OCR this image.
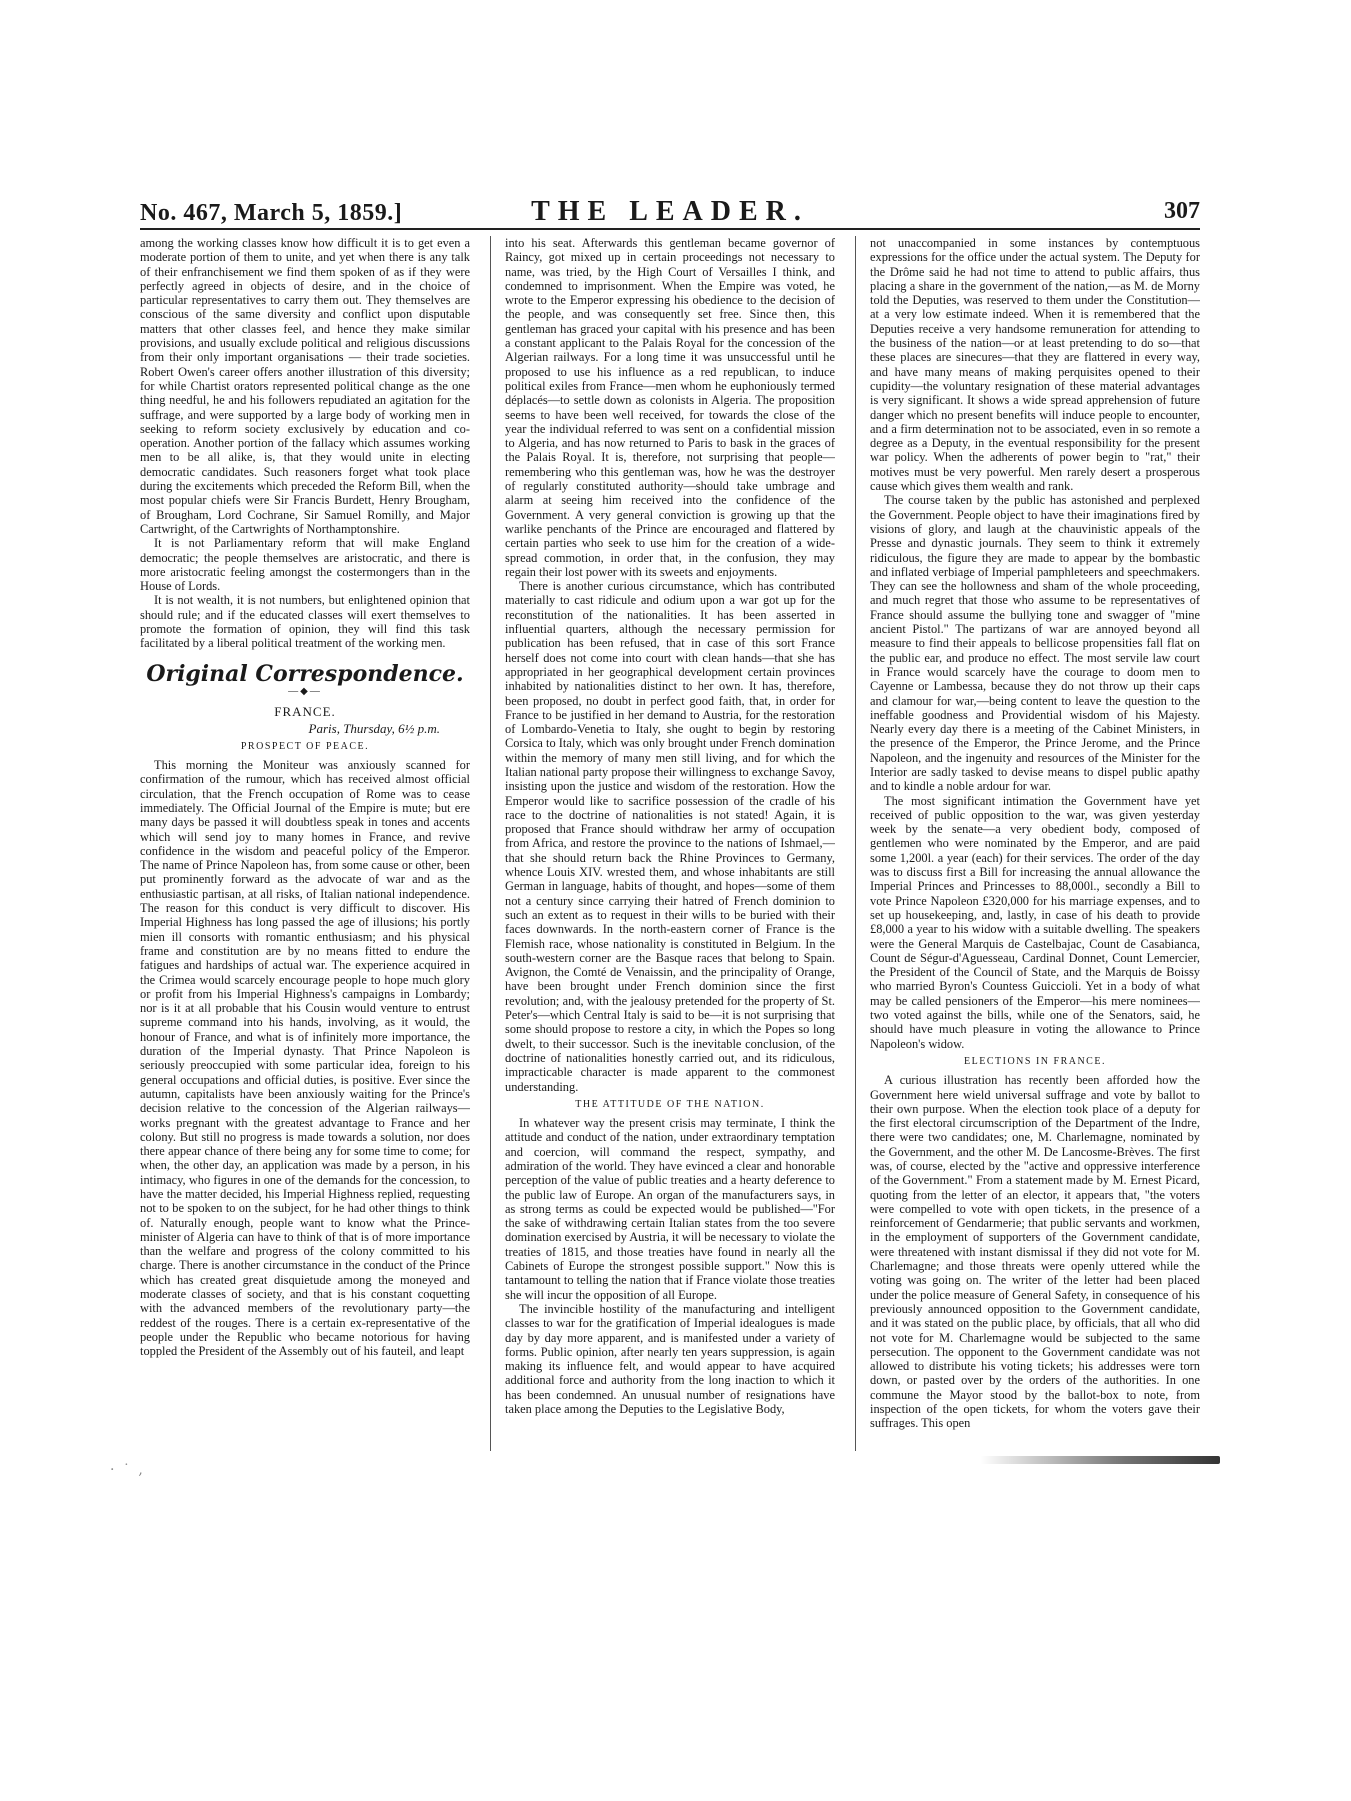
No. 467, March 5, 1859.]	THE LEADER.	307

among the working classes know how difficult it is to get even a moderate portion of them to unite, and yet when there is any talk of their enfranchisement we find them spoken of as if they were perfectly agreed in objects of desire, and in the choice of particular representatives to carry them out. They themselves are conscious of the same diversity and conflict upon disputable matters that other classes feel, and hence they make similar provisions, and usually exclude political and religious discussions from their only important organisations — their trade societies. Robert Owen's career offers another illustration of this diversity; for while Chartist orators represented political change as the one thing needful, he and his followers repudiated an agitation for the suffrage, and were supported by a large body of working men in seeking to reform society exclusively by education and co-operation. Another portion of the fallacy which assumes working men to be all alike, is, that they would unite in electing democratic candidates. Such reasoners forget what took place during the excitements which preceded the Reform Bill, when the most popular chiefs were Sir Francis Burdett, Henry Brougham, of Brougham, Lord Cochrane, Sir Samuel Romilly, and Major Cartwright, of the Cartwrights of Northamptonshire.

It is not Parliamentary reform that will make England democratic; the people themselves are aristocratic, and there is more aristocratic feeling amongst the costermongers than in the House of Lords.

It is not wealth, it is not numbers, but enlightened opinion that should rule; and if the educated classes will exert themselves to promote the formation of opinion, they will find this task facilitated by a liberal political treatment of the working men.

Original Correspondence.
—◆—
FRANCE.
Paris, Thursday, 6½ p.m.
PROSPECT OF PEACE.

This morning the Moniteur was anxiously scanned for confirmation of the rumour, which has received almost official circulation, that the French occupation of Rome was to cease immediately. The Official Journal of the Empire is mute; but ere many days be passed it will doubtless speak in tones and accents which will send joy to many homes in France, and revive confidence in the wisdom and peaceful policy of the Emperor. The name of Prince Napoleon has, from some cause or other, been put prominently forward as the advocate of war and as the enthusiastic partisan, at all risks, of Italian national independence. The reason for this conduct is very difficult to discover. His Imperial Highness has long passed the age of illusions; his portly mien ill consorts with romantic enthusiasm; and his physical frame and constitution are by no means fitted to endure the fatigues and hardships of actual war. The experience acquired in the Crimea would scarcely encourage people to hope much glory or profit from his Imperial Highness's campaigns in Lombardy; nor is it at all probable that his Cousin would venture to entrust supreme command into his hands, involving, as it would, the honour of France, and what is of infinitely more importance, the duration of the Imperial dynasty. That Prince Napoleon is seriously preoccupied with some particular idea, foreign to his general occupations and official duties, is positive. Ever since the autumn, capitalists have been anxiously waiting for the Prince's decision relative to the concession of the Algerian railways—works pregnant with the greatest advantage to France and her colony. But still no progress is made towards a solution, nor does there appear chance of there being any for some time to come; for when, the other day, an application was made by a person, in his intimacy, who figures in one of the demands for the concession, to have the matter decided, his Imperial Highness replied, requesting not to be spoken to on the subject, for he had other things to think of. Naturally enough, people want to know what the Prince-minister of Algeria can have to think of that is of more importance than the welfare and progress of the colony committed to his charge. There is another circumstance in the conduct of the Prince which has created great disquietude among the moneyed and moderate classes of society, and that is his constant coquetting with the advanced members of the revolutionary party—the reddest of the rouges. There is a certain ex-representative of the people under the Republic who became notorious for having toppled the President of the Assembly out of his fauteil, and leapt

into his seat. Afterwards this gentleman became governor of Raincy, got mixed up in certain proceedings not necessary to name, was tried, by the High Court of Versailles I think, and condemned to imprisonment. When the Empire was voted, he wrote to the Emperor expressing his obedience to the decision of the people, and was consequently set free. Since then, this gentleman has graced your capital with his presence and has been a constant applicant to the Palais Royal for the concession of the Algerian railways. For a long time it was unsuccessful until he proposed to use his influence as a red republican, to induce political exiles from France—men whom he euphoniously termed déplacés—to settle down as colonists in Algeria. The proposition seems to have been well received, for towards the close of the year the individual referred to was sent on a confidential mission to Algeria, and has now returned to Paris to bask in the graces of the Palais Royal. It is, therefore, not surprising that people—remembering who this gentleman was, how he was the destroyer of regularly constituted authority—should take umbrage and alarm at seeing him received into the confidence of the Government. A very general conviction is growing up that the warlike penchants of the Prince are encouraged and flattered by certain parties who seek to use him for the creation of a wide-spread commotion, in order that, in the confusion, they may regain their lost power with its sweets and enjoyments.

There is another curious circumstance, which has contributed materially to cast ridicule and odium upon a war got up for the reconstitution of the nationalities. It has been asserted in influential quarters, although the necessary permission for publication has been refused, that in case of this sort France herself does not come into court with clean hands—that she has appropriated in her geographical development certain provinces inhabited by nationalities distinct to her own. It has, therefore, been proposed, no doubt in perfect good faith, that, in order for France to be justified in her demand to Austria, for the restoration of Lombardo-Venetia to Italy, she ought to begin by restoring Corsica to Italy, which was only brought under French domination within the memory of many men still living, and for which the Italian national party propose their willingness to exchange Savoy, insisting upon the justice and wisdom of the restoration. How the Emperor would like to sacrifice possession of the cradle of his race to the doctrine of nationalities is not stated! Again, it is proposed that France should withdraw her army of occupation from Africa, and restore the province to the nations of Ishmael,—that she should return back the Rhine Provinces to Germany, whence Louis XIV. wrested them, and whose inhabitants are still German in language, habits of thought, and hopes—some of them not a century since carrying their hatred of French dominion to such an extent as to request in their wills to be buried with their faces downwards. In the north-eastern corner of France is the Flemish race, whose nationality is constituted in Belgium. In the south-western corner are the Basque races that belong to Spain. Avignon, the Comté de Venaissin, and the principality of Orange, have been brought under French dominion since the first revolution; and, with the jealousy pretended for the property of St. Peter's—which Central Italy is said to be—it is not surprising that some should propose to restore a city, in which the Popes so long dwelt, to their successor. Such is the inevitable conclusion, of the doctrine of nationalities honestly carried out, and its ridiculous, impracticable character is made apparent to the commonest understanding.

THE ATTITUDE OF THE NATION.

In whatever way the present crisis may terminate, I think the attitude and conduct of the nation, under extraordinary temptation and coercion, will command the respect, sympathy, and admiration of the world. They have evinced a clear and honorable perception of the value of public treaties and a hearty deference to the public law of Europe. An organ of the manufacturers says, in as strong terms as could be expected would be published—"For the sake of withdrawing certain Italian states from the too severe domination exercised by Austria, it will be necessary to violate the treaties of 1815, and those treaties have found in nearly all the Cabinets of Europe the strongest possible support." Now this is tantamount to telling the nation that if France violate those treaties she will incur the opposition of all Europe.

The invincible hostility of the manufacturing and intelligent classes to war for the gratification of Imperial idealogues is made day by day more apparent, and is manifested under a variety of forms. Public opinion, after nearly ten years suppression, is again making its influence felt, and would appear to have acquired additional force and authority from the long inaction to which it has been condemned. An unusual number of resignations have taken place among the Deputies to the Legislative Body,

not unaccompanied in some instances by contemptuous expressions for the office under the actual system. The Deputy for the Drôme said he had not time to attend to public affairs, thus placing a share in the government of the nation,—as M. de Morny told the Deputies, was reserved to them under the Constitution—at a very low estimate indeed. When it is remembered that the Deputies receive a very handsome remuneration for attending to the business of the nation—or at least pretending to do so—that these places are sinecures—that they are flattered in every way, and have many means of making perquisites opened to their cupidity—the voluntary resignation of these material advantages is very significant. It shows a wide spread apprehension of future danger which no present benefits will induce people to encounter, and a firm determination not to be associated, even in so remote a degree as a Deputy, in the eventual responsibility for the present war policy. When the adherents of power begin to "rat," their motives must be very powerful. Men rarely desert a prosperous cause which gives them wealth and rank.

The course taken by the public has astonished and perplexed the Government. People object to have their imaginations fired by visions of glory, and laugh at the chauvinistic appeals of the Presse and dynastic journals. They seem to think it extremely ridiculous, the figure they are made to appear by the bombastic and inflated verbiage of Imperial pamphleteers and speechmakers. They can see the hollowness and sham of the whole proceeding, and much regret that those who assume to be representatives of France should assume the bullying tone and swagger of "mine ancient Pistol." The partizans of war are annoyed beyond all measure to find their appeals to bellicose propensities fall flat on the public ear, and produce no effect. The most servile law court in France would scarcely have the courage to doom men to Cayenne or Lambessa, because they do not throw up their caps and clamour for war,—being content to leave the question to the ineffable goodness and Providential wisdom of his Majesty. Nearly every day there is a meeting of the Cabinet Ministers, in the presence of the Emperor, the Prince Jerome, and the Prince Napoleon, and the ingenuity and resources of the Minister for the Interior are sadly tasked to devise means to dispel public apathy and to kindle a noble ardour for war.

The most significant intimation the Government have yet received of public opposition to the war, was given yesterday week by the senate—a very obedient body, composed of gentlemen who were nominated by the Emperor, and are paid some 1,200l. a year (each) for their services. The order of the day was to discuss first a Bill for increasing the annual allowance the Imperial Princes and Princesses to 88,000l., secondly a Bill to vote Prince Napoleon £320,000 for his marriage expenses, and to set up housekeeping, and, lastly, in case of his death to provide £8,000 a year to his widow with a suitable dwelling. The speakers were the General Marquis de Castelbajac, Count de Casabianca, Count de Ségur-d'Aguesseau, Cardinal Donnet, Count Lemercier, the President of the Council of State, and the Marquis de Boissy who married Byron's Countess Guiccioli. Yet in a body of what may be called pensioners of the Emperor—his mere nominees—two voted against the bills, while one of the Senators, said, he should have much pleasure in voting the allowance to Prince Napoleon's widow.

ELECTIONS IN FRANCE.

A curious illustration has recently been afforded how the Government here wield universal suffrage and vote by ballot to their own purpose. When the election took place of a deputy for the first electoral circumscription of the Department of the Indre, there were two candidates; one, M. Charlemagne, nominated by the Government, and the other M. De Lancosme-Brèves. The first was, of course, elected by the "active and oppressive interference of the Government." From a statement made by M. Ernest Picard, quoting from the letter of an elector, it appears that, "the voters were compelled to vote with open tickets, in the presence of a reinforcement of Gendarmerie; that public servants and workmen, in the employment of supporters of the Government candidate, were threatened with instant dismissal if they did not vote for M. Charlemagne; and those threats were openly uttered while the voting was going on. The writer of the letter had been placed under the police measure of General Safety, in consequence of his previously announced opposition to the Government candidate, and it was stated on the public place, by officials, that all who did not vote for M. Charlemagne would be subjected to the same persecution. The opponent to the Government candidate was not allowed to distribute his voting tickets; his addresses were torn down, or pasted over by the orders of the authorities. In one commune the Mayor stood by the ballot-box to note, from inspection of the open tickets, for whom the voters gave their suffrages. This open

· ˙ ,
